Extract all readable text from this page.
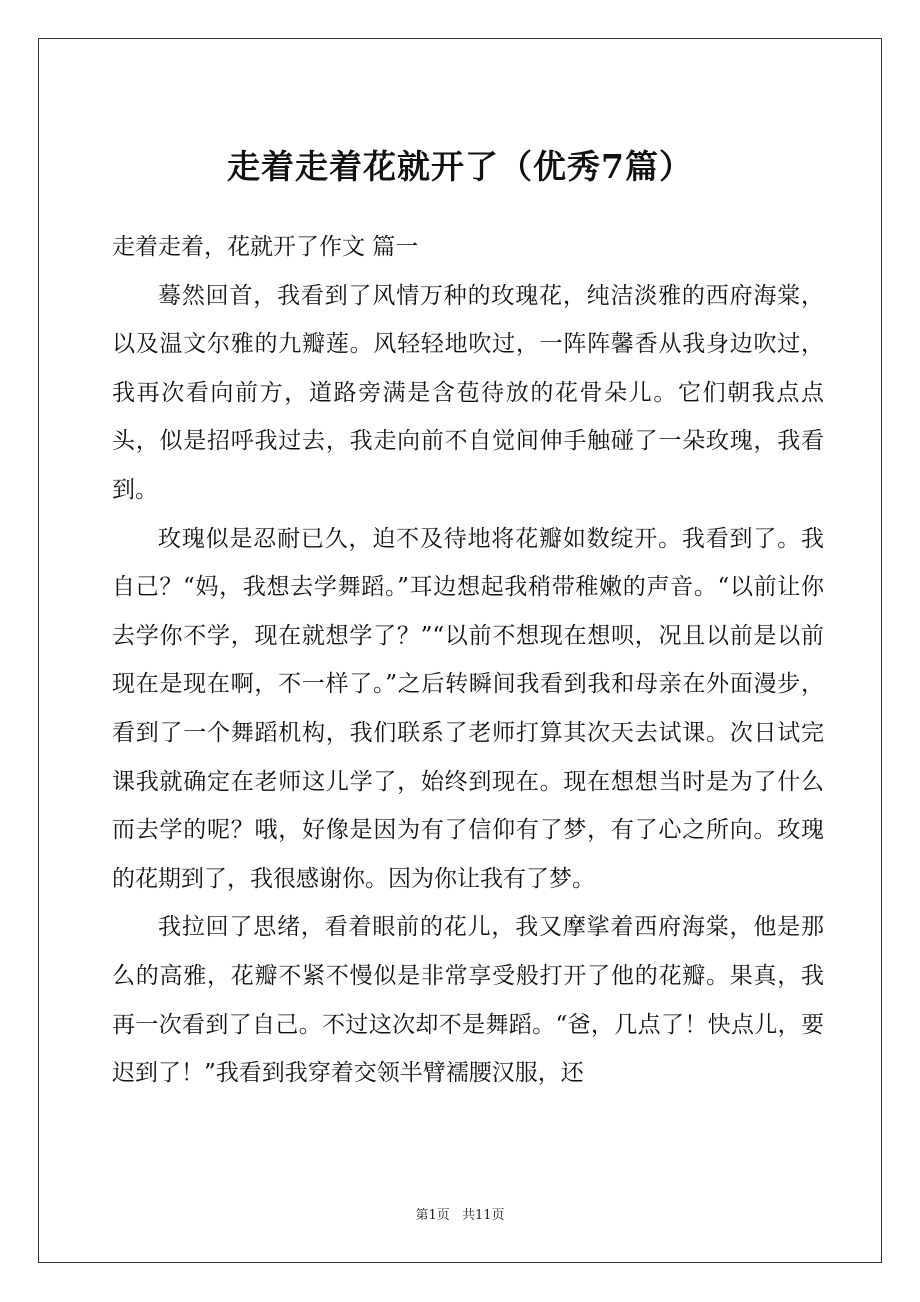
走着走着花就开了（优秀7篇）

走着走着，花就开了作文 篇一

蓦然回首，我看到了风情万种的玫瑰花，纯洁淡雅的西府海棠，以及温文尔雅的九瓣莲。风轻轻地吹过，一阵阵馨香从我身边吹过，我再次看向前方，道路旁满是含苞待放的花骨朵儿。它们朝我点点头，似是招呼我过去，我走向前不自觉间伸手触碰了一朵玫瑰，我看到。

玫瑰似是忍耐已久，迫不及待地将花瓣如数绽开。我看到了。我自己？“妈，我想去学舞蹈。”耳边想起我稍带稚嫩的声音。“以前让你去学你不学，现在就想学了？”“以前不想现在想呗，况且以前是以前现在是现在啊，不一样了。”之后转瞬间我看到我和母亲在外面漫步，看到了一个舞蹈机构，我们联系了老师打算其次天去试课。次日试完课我就确定在老师这儿学了，始终到现在。现在想想当时是为了什么而去学的呢？哦，好像是因为有了信仰有了梦，有了心之所向。玫瑰的花期到了，我很感谢你。因为你让我有了梦。

我拉回了思绪，看着眼前的花儿，我又摩挲着西府海棠，他是那么的高雅，花瓣不紧不慢似是非常享受般打开了他的花瓣。果真，我再一次看到了自己。不过这次却不是舞蹈。“爸，几点了！快点儿，要迟到了！”我看到我穿着交领半臂襦腰汉服，还

第1页 共11页
